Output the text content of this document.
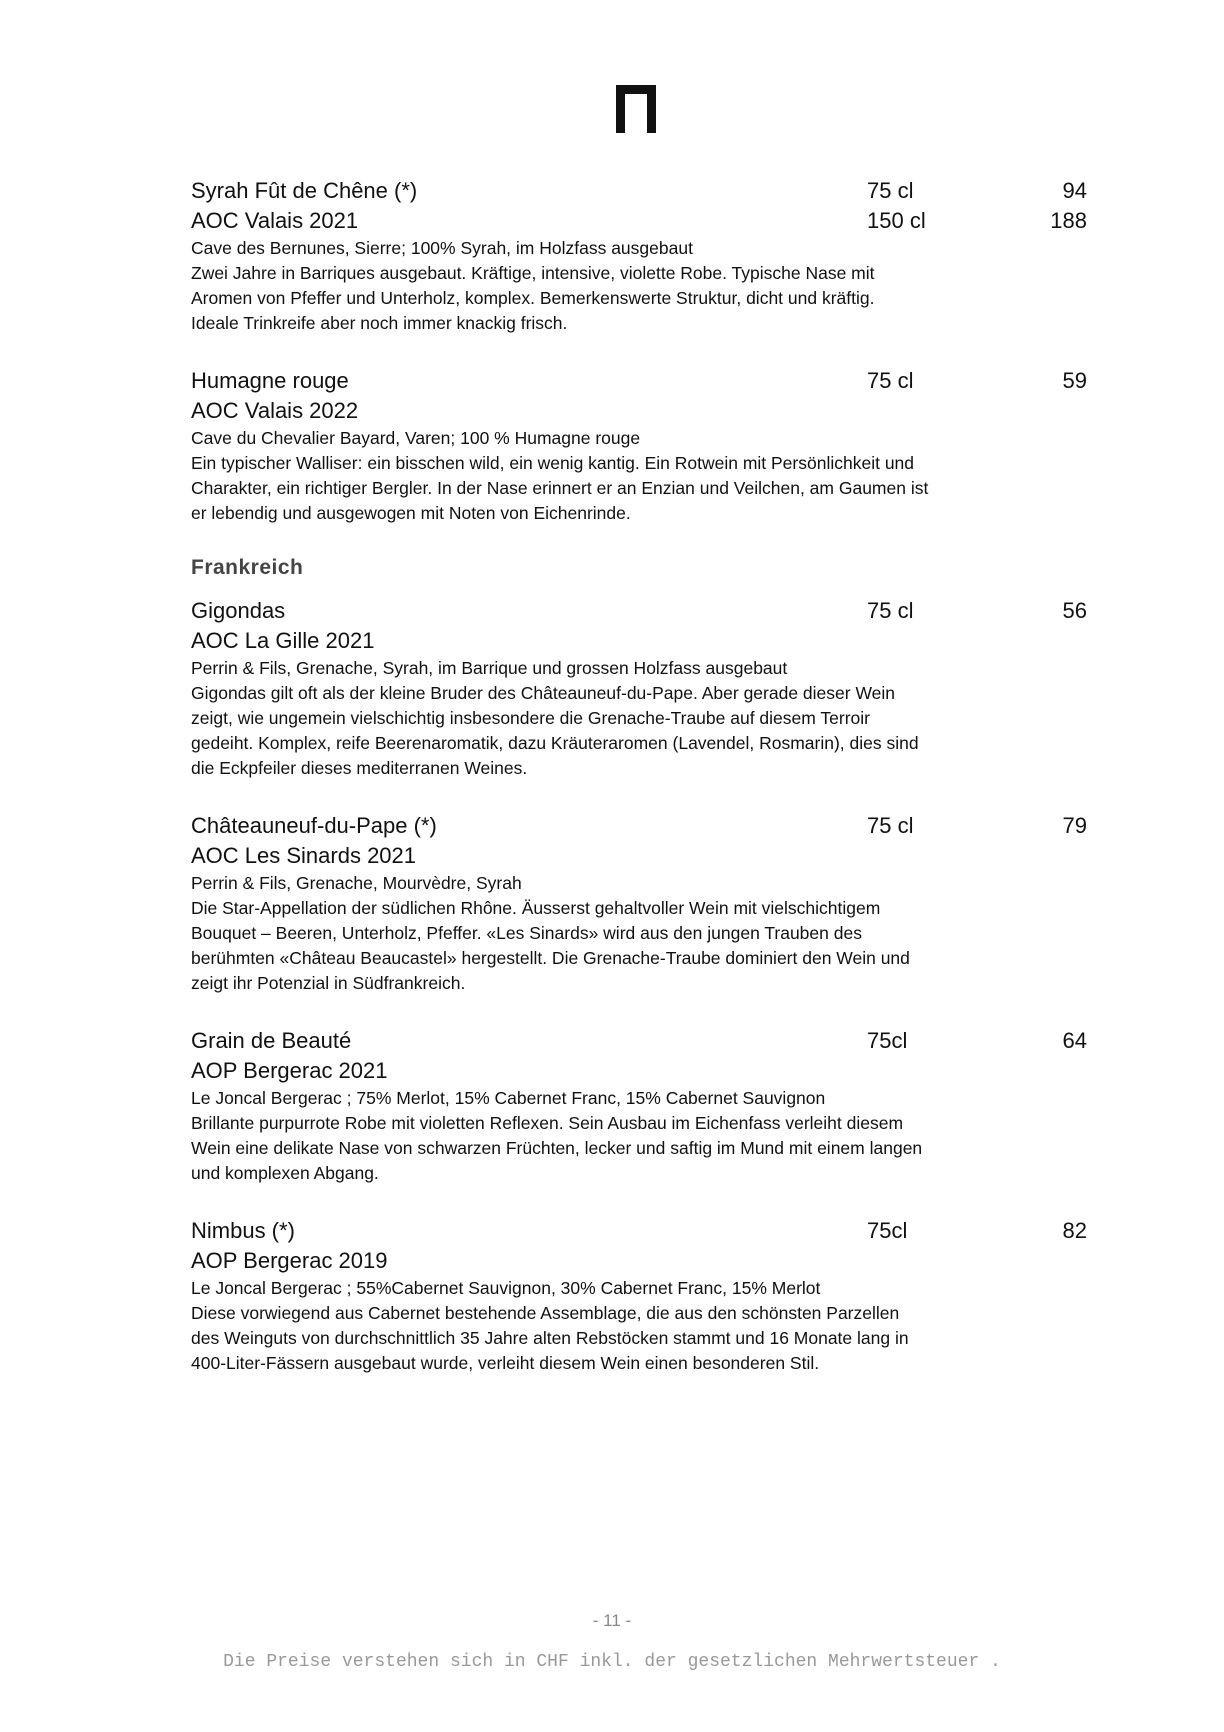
Syrah Fût de Chêne (*)	75 cl	94
AOC Valais 2021	150 cl	188
Cave des Bernunes, Sierre; 100% Syrah, im Holzfass ausgebaut
Zwei Jahre in Barriques ausgebaut. Kräftige, intensive, violette Robe. Typische Nase mit
Aromen von Pfeffer und Unterholz, komplex. Bemerkenswerte Struktur, dicht und kräftig.
Ideale Trinkreife aber noch immer knackig frisch.
Humagne rouge	75 cl	59
AOC Valais 2022
Cave du Chevalier Bayard, Varen; 100 % Humagne rouge
Ein typischer Walliser: ein bisschen wild, ein wenig kantig. Ein Rotwein mit Persönlichkeit und
Charakter, ein richtiger Bergler. In der Nase erinnert er an Enzian und Veilchen, am Gaumen ist
er lebendig und ausgewogen mit Noten von Eichenrinde.
Frankreich
Gigondas	75 cl	56
AOC La Gille 2021
Perrin & Fils, Grenache, Syrah, im Barrique und grossen Holzfass ausgebaut
Gigondas gilt oft als der kleine Bruder des Châteauneuf-du-Pape. Aber gerade dieser Wein
zeigt, wie ungemein vielschichtig insbesondere die Grenache-Traube auf diesem Terroir
gedeiht. Komplex, reife Beerenaromatik, dazu Kräuteraromen (Lavendel, Rosmarin), dies sind
die Eckpfeiler dieses mediterranen Weines.
Châteauneuf-du-Pape (*)	75 cl	79
AOC Les Sinards 2021
Perrin & Fils, Grenache, Mourvèdre, Syrah
Die Star-Appellation der südlichen Rhône. Äusserst gehaltvoller Wein mit vielschichtigem
Bouquet – Beeren, Unterholz, Pfeffer. «Les Sinards» wird aus den jungen Trauben des
berühmten «Château Beaucastel» hergestellt. Die Grenache-Traube dominiert den Wein und
zeigt ihr Potenzial in Südfrankreich.
Grain de Beauté	75cl	64
AOP Bergerac 2021
Le Joncal Bergerac ; 75% Merlot, 15% Cabernet Franc, 15% Cabernet Sauvignon
Brillante purpurrote Robe mit violetten Reflexen. Sein Ausbau im Eichenfass verleiht diesem
Wein eine delikate Nase von schwarzen Früchten, lecker und saftig im Mund mit einem langen
und komplexen Abgang.
Nimbus (*)	75cl	82
AOP Bergerac 2019
Le Joncal Bergerac ; 55%Cabernet Sauvignon, 30% Cabernet Franc, 15% Merlot
Diese vorwiegend aus Cabernet bestehende Assemblage, die aus den schönsten Parzellen
des Weinguts von durchschnittlich 35 Jahre alten Rebstöcken stammt und 16 Monate lang in
400-Liter-Fässern ausgebaut wurde, verleiht diesem Wein einen besonderen Stil.
- 11 -
Die Preise verstehen sich in CHF inkl. der gesetzlichen Mehrwertsteuer .
